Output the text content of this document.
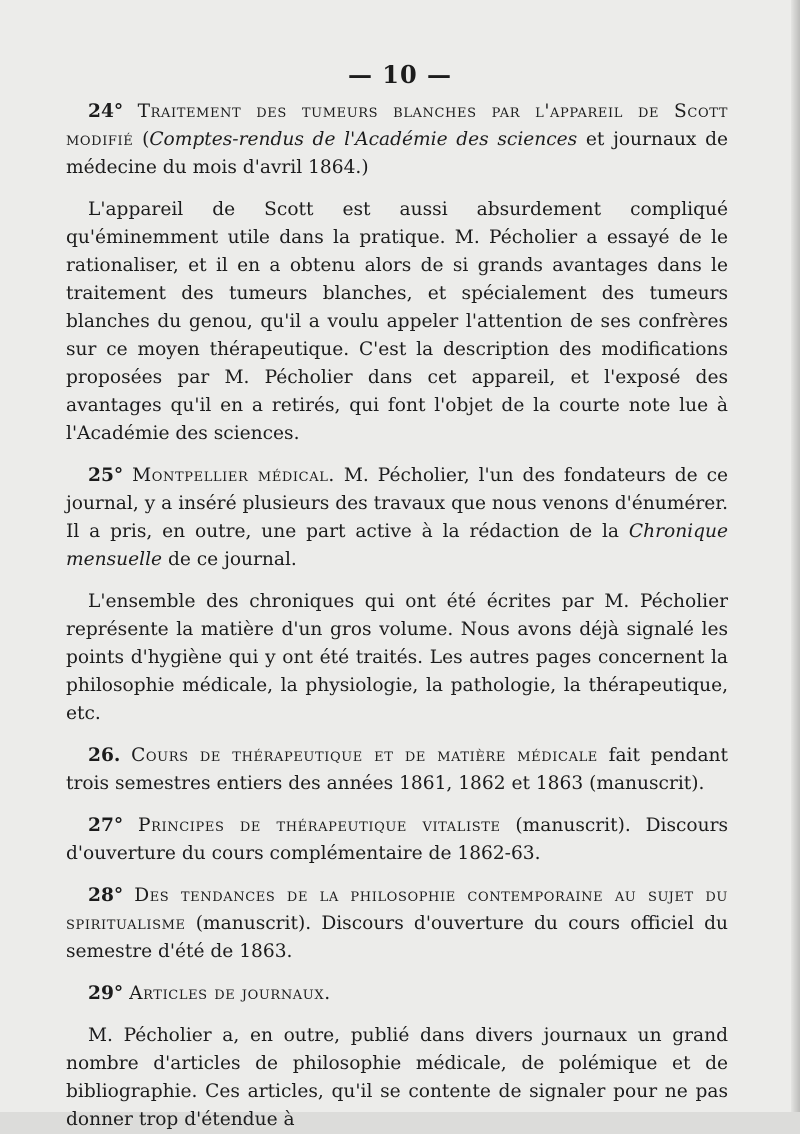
— 10 —

24° Traitement des tumeurs blanches par l'appareil de Scott modifié (Comptes-rendus de l'Académie des sciences et journaux de médecine du mois d'avril 1864.)

L'appareil de Scott est aussi absurdement compliqué qu'éminemment utile dans la pratique. M. Pécholier a essayé de le rationaliser, et il en a obtenu alors de si grands avantages dans le traitement des tumeurs blanches, et spécialement des tumeurs blanches du genou, qu'il a voulu appeler l'attention de ses confrères sur ce moyen thérapeutique. C'est la description des modifications proposées par M. Pécholier dans cet appareil, et l'exposé des avantages qu'il en a retirés, qui font l'objet de la courte note lue à l'Académie des sciences.

25° Montpellier médical. M. Pécholier, l'un des fondateurs de ce journal, y a inséré plusieurs des travaux que nous venons d'énumérer. Il a pris, en outre, une part active à la rédaction de la Chronique mensuelle de ce journal.

L'ensemble des chroniques qui ont été écrites par M. Pécholier représente la matière d'un gros volume. Nous avons déjà signalé les points d'hygiène qui y ont été traités. Les autres pages concernent la philosophie médicale, la physiologie, la pathologie, la thérapeutique, etc.

26. Cours de thérapeutique et de matière médicale fait pendant trois semestres entiers des années 1861, 1862 et 1863 (manuscrit).

27° Principes de thérapeutique vitaliste (manuscrit). Discours d'ouverture du cours complémentaire de 1862-63.

28° Des tendances de la philosophie contemporaine au sujet du spiritualisme (manuscrit). Discours d'ouverture du cours officiel du semestre d'été de 1863.

29° Articles de journaux.

M. Pécholier a, en outre, publié dans divers journaux un grand nombre d'articles de philosophie médicale, de polémique et de bibliographie. Ces articles, qu'il se contente de signaler pour ne pas donner trop d'étendue à
